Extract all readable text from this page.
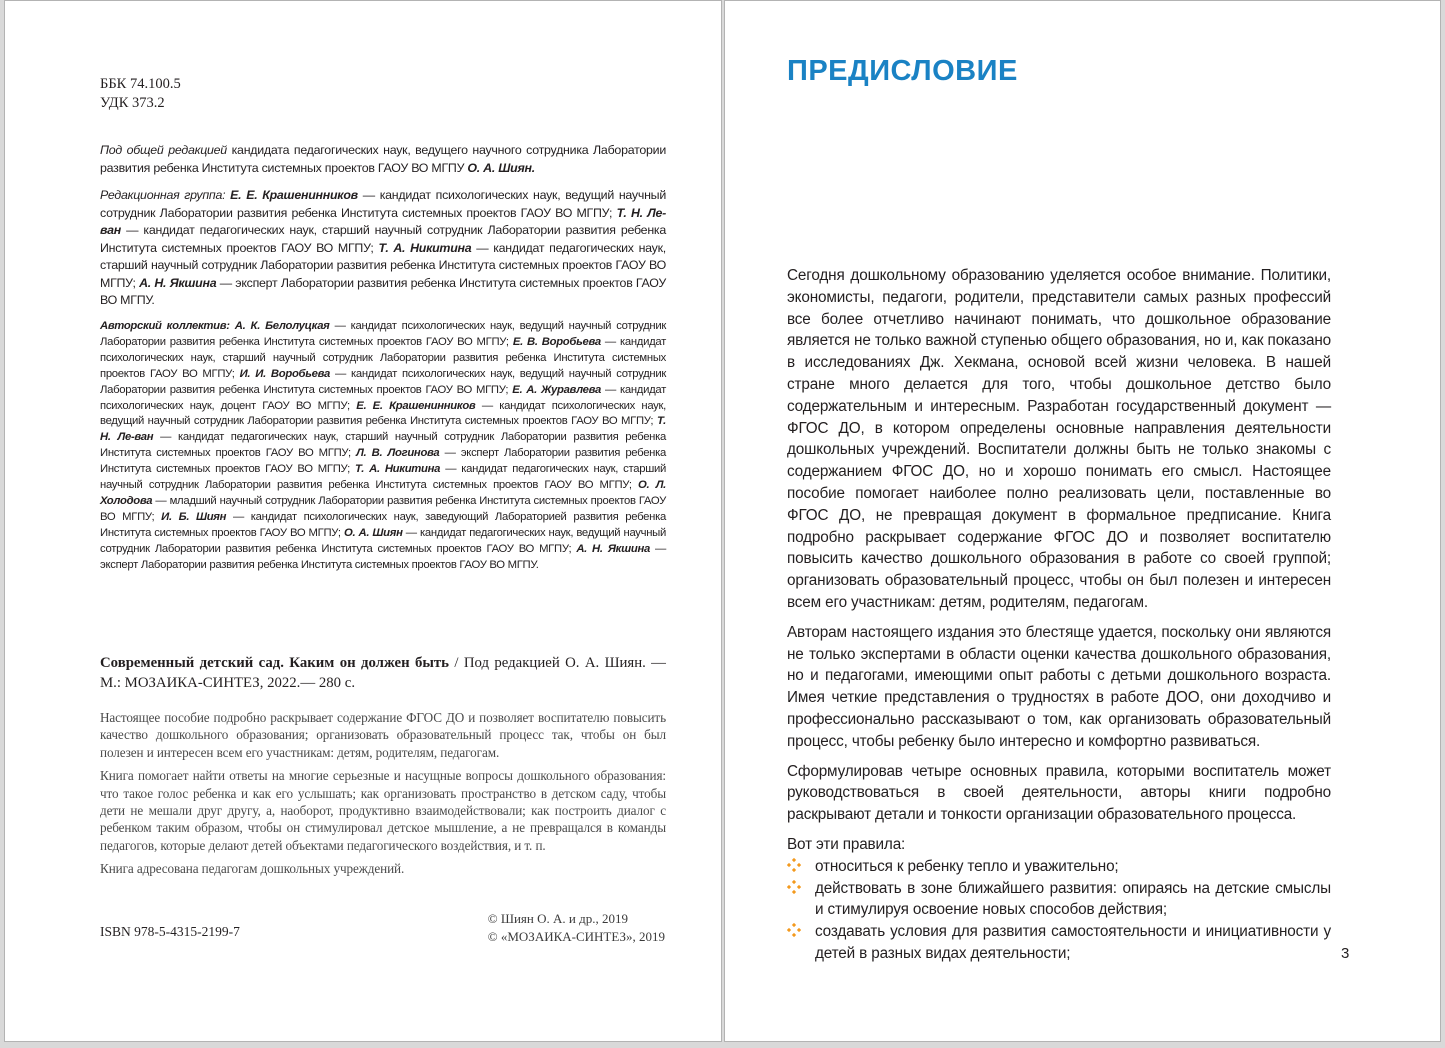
ББК 74.100.5
УДК 373.2
Под общей редакцией кандидата педагогических наук, ведущего научного сотрудника Лаборатории развития ребенка Института системных проектов ГАОУ ВО МГПУ О. А. Шиян.
Редакционная группа: Е. Е. Крашенинников — кандидат психологических наук, ведущий научный сотрудник Лаборатории развития ребенка Института системных проектов ГАОУ ВО МГПУ; Т. Н. Ле-ван — кандидат педагогических наук, старший научный сотрудник Лаборатории развития ребенка Института системных проектов ГАОУ ВО МГПУ; Т. А. Никитина — кандидат педагогических наук, старший научный сотрудник Лаборатории развития ребенка Института системных проектов ГАОУ ВО МГПУ; А. Н. Якшина — эксперт Лаборатории развития ребенка Института системных проектов ГАОУ ВО МГПУ.
Авторский коллектив: А. К. Белолуцкая — кандидат психологических наук, ведущий научный сотрудник Лаборатории развития ребенка Института системных проектов ГАОУ ВО МГПУ; Е. В. Воробьева — кандидат психологических наук, старший научный сотрудник Лаборатории развития ребенка Института системных проектов ГАОУ ВО МГПУ; И. И. Воробьева — кандидат психологических наук, ведущий научный сотрудник Лаборатории развития ребенка Института системных проектов ГАОУ ВО МГПУ; Е. А. Журавлева — кандидат психологических наук, доцент ГАОУ ВО МГПУ; Е. Е. Крашенинников — кандидат психологических наук, ведущий научный сотрудник Лаборатории развития ребенка Института системных проектов ГАОУ ВО МГПУ; Т. Н. Ле-ван — кандидат педагогических наук, старший научный сотрудник Лаборатории развития ребенка Института системных проектов ГАОУ ВО МГПУ; Л. В. Логинова — эксперт Лаборатории развития ребенка Института системных проектов ГАОУ ВО МГПУ; Т. А. Никитина — кандидат педагогических наук, старший научный сотрудник Лаборатории развития ребенка Института системных проектов ГАОУ ВО МГПУ; О. Л. Холодова — младший научный сотрудник Лаборатории развития ребенка Института системных проектов ГАОУ ВО МГПУ; И. Б. Шиян — кандидат психологических наук, заведующий Лабораторией развития ребенка Института системных проектов ГАОУ ВО МГПУ; О. А. Шиян — кандидат педагогических наук, ведущий научный сотрудник Лаборатории развития ребенка Института системных проектов ГАОУ ВО МГПУ; А. Н. Якшина — эксперт Лаборатории развития ребенка Института системных проектов ГАОУ ВО МГПУ.
Современный детский сад. Каким он должен быть / Под редакцией О. А. Шиян. — М.: МОЗАИКА-СИНТЕЗ, 2022.— 280 с.

Настоящее пособие подробно раскрывает содержание ФГОС ДО и позволяет воспитателю повысить качество дошкольного образования; организовать образовательный процесс так, чтобы он был полезен и интересен всем его участникам: детям, родителям, педагогам.

Книга помогает найти ответы на многие серьезные и насущные вопросы дошкольного образования: что такое голос ребенка и как его услышать; как организовать пространство в детском саду, чтобы дети не мешали друг другу, а, наоборот, продуктивно взаимодействовали; как построить диалог с ребенком таким образом, чтобы он стимулировал детское мышление, а не превращался в команды педагогов, которые делают детей объектами педагогического воздействия, и т. п.

Книга адресована педагогам дошкольных учреждений.

ISBN 978-5-4315-2199-7
© Шиян О. А. и др., 2019
© «МОЗАИКА-СИНТЕЗ», 2019
ПРЕДИСЛОВИЕ

Сегодня дошкольному образованию уделяется особое внимание. Политики, экономисты, педагоги, родители, представители самых разных профессий все более отчетливо начинают понимать, что дошкольное образование является не только важной ступенью общего образования, но и, как показано в исследованиях Дж. Хекмана, основой всей жизни человека. В нашей стране много делается для того, чтобы дошкольное детство было содержательным и интересным. Разработан государственный документ — ФГОС ДО, в котором определены основные направления деятельности дошкольных учреждений. Воспитатели должны быть не только знакомы с содержанием ФГОС ДО, но и хорошо понимать его смысл. Настоящее пособие помогает наиболее полно реализовать цели, поставленные во ФГОС ДО, не превращая документ в формальное предписание. Книга подробно раскрывает содержание ФГОС ДО и позволяет воспитателю повысить качество дошкольного образования в работе со своей группой; организовать образовательный процесс, чтобы он был полезен и интересен всем его участникам: детям, родителям, педагогам.

Авторам настоящего издания это блестяще удается, поскольку они являются не только экспертами в области оценки качества дошкольного образования, но и педагогами, имеющими опыт работы с детьми дошкольного возраста. Имея четкие представления о трудностях в работе ДОО, они доходчиво и профессионально рассказывают о том, как организовать образовательный процесс, чтобы ребенку было интересно и комфортно развиваться.

Сформулировав четыре основных правила, которыми воспитатель может руководствоваться в своей деятельности, авторы книги подробно раскрывают детали и тонкости организации образовательного процесса.

Вот эти правила:

относиться к ребенку тепло и уважительно;
действовать в зоне ближайшего развития: опираясь на детские смыслы и стимулируя освоение новых способов действия;
создавать условия для развития самостоятельности и инициативности у детей в разных видах деятельности;	3
